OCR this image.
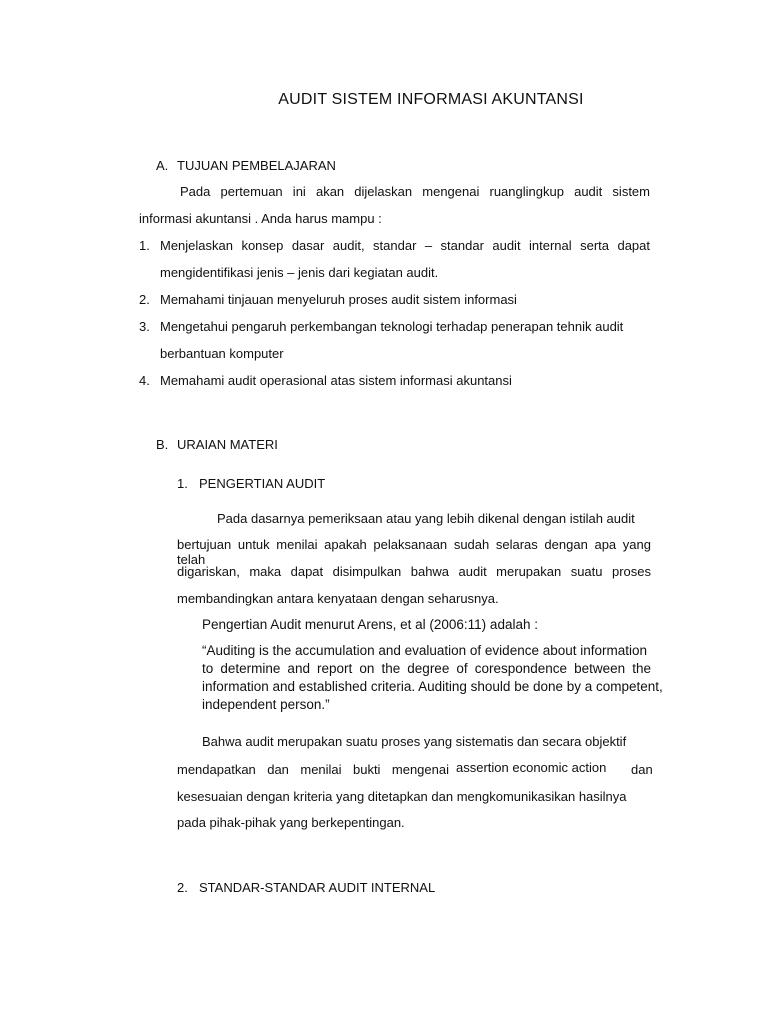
AUDIT SISTEM INFORMASI AKUNTANSI
A. TUJUAN PEMBELAJARAN
Pada pertemuan ini akan dijelaskan mengenai ruanglingkup audit sistem
informasi akuntansi . Anda harus mampu :
1. Menjelaskan konsep dasar audit, standar – standar audit internal serta dapat
mengidentifikasi jenis – jenis dari kegiatan audit.
2. Memahami tinjauan menyeluruh proses audit sistem informasi
3. Mengetahui pengaruh perkembangan teknologi terhadap penerapan tehnik audit
berbantuan komputer
4. Memahami audit operasional atas sistem informasi akuntansi
B. URAIAN MATERI
1. PENGERTIAN AUDIT
Pada dasarnya pemeriksaan atau yang lebih dikenal dengan istilah audit
bertujuan untuk menilai apakah pelaksanaan sudah selaras dengan apa yang telah
digariskan, maka dapat disimpulkan bahwa audit merupakan suatu proses
membandingkan antara kenyataan dengan seharusnya.
Pengertian Audit menurut Arens, et al (2006:11) adalah :
“Auditing is the accumulation and evaluation of evidence about information
to determine and report on the degree of corespondence between the
information and established criteria. Auditing should be done by a competent,
independent person.”
Bahwa audit merupakan suatu proses yang sistematis dan secara objektif
mendapatkan dan menilai bukti mengenai assertion economic action dan
kesesuaian dengan kriteria yang ditetapkan dan mengkomunikasikan hasilnya
pada pihak-pihak yang berkepentingan.
2. STANDAR-STANDAR AUDIT INTERNAL
